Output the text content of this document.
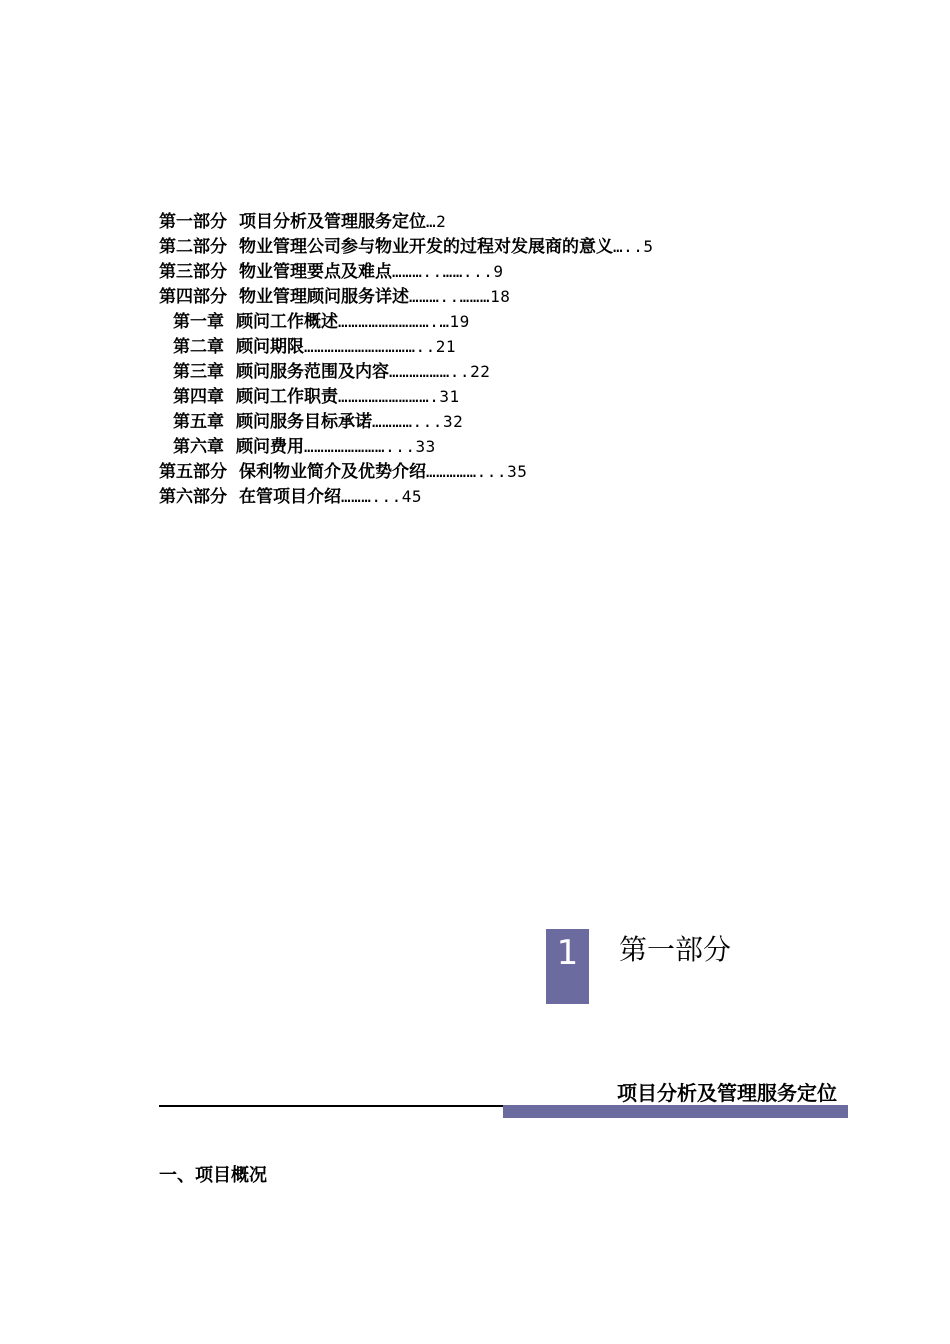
第一部分 项目分析及管理服务定位…2
第二部分 物业管理公司参与物业开发的过程对发展商的意义…..5
第三部分 物业管理要点及难点………..……...9
第四部分 物业管理顾问服务详述………..………18
第一章 顾问工作概述……………………….…19
第二章 顾问期限……………………………..21
第三章 顾问服务范围及内容………………..22
第四章 顾问工作职责……………………….31
第五章 顾问服务目标承诺…………...32
第六章 顾问费用……………………...33
第五部分 保利物业简介及优势介绍……………...35
第六部分 在管项目介绍………...45
1	第一部分
项目分析及管理服务定位
一、项目概况
